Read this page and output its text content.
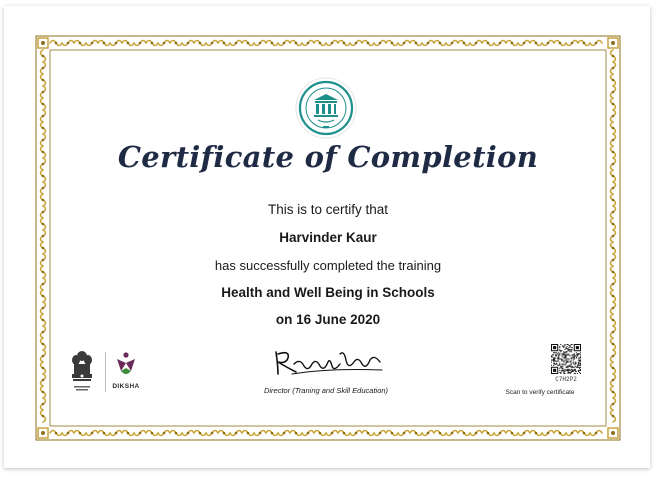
Certificate of Completion
This is to certify that
Harvinder Kaur
has successfully completed the training
Health and Well Being in Schools
on 16 June 2020
DIKSHA	Director (Traning and Skill Education)
C7H2P2
Scan to verify certificate
